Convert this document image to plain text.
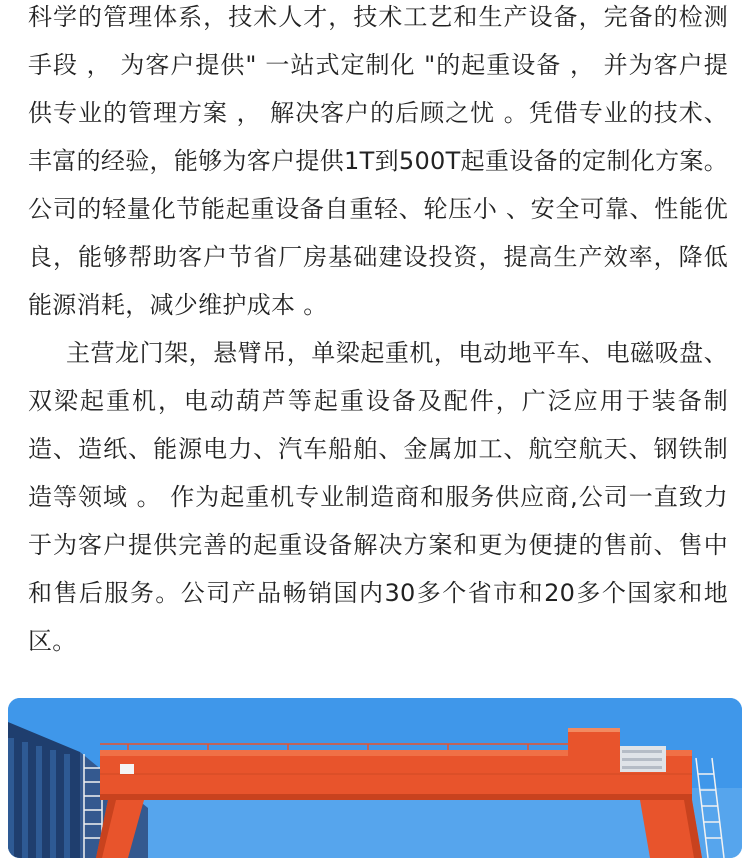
科学的管理体系，技术人才，技术工艺和生产设备，完备的检测手段 ， 为客户提供" 一站式定制化 "的起重设备 ， 并为客户提供专业的管理方案 ， 解决客户的后顾之忧 。凭借专业的技术、丰富的经验，能够为客户提供1T到500T起重设备的定制化方案。公司的轻量化节能起重设备自重轻、轮压小 、安全可靠、性能优良，能够帮助客户节省厂房基础建设投资，提高生产效率，降低能源消耗，减少维护成本 。

主营龙门架，悬臂吊，单梁起重机，电动地平车、电磁吸盘、双梁起重机，电动葫芦等起重设备及配件，广泛应用于装备制造、造纸、能源电力、汽车船舶、金属加工、航空航天、钢铁制造等领域 。 作为起重机专业制造商和服务供应商,公司一直致力于为客户提供完善的起重设备解决方案和更为便捷的售前、售中和售后服务。公司产品畅销国内30多个省市和20多个国家和地区。
